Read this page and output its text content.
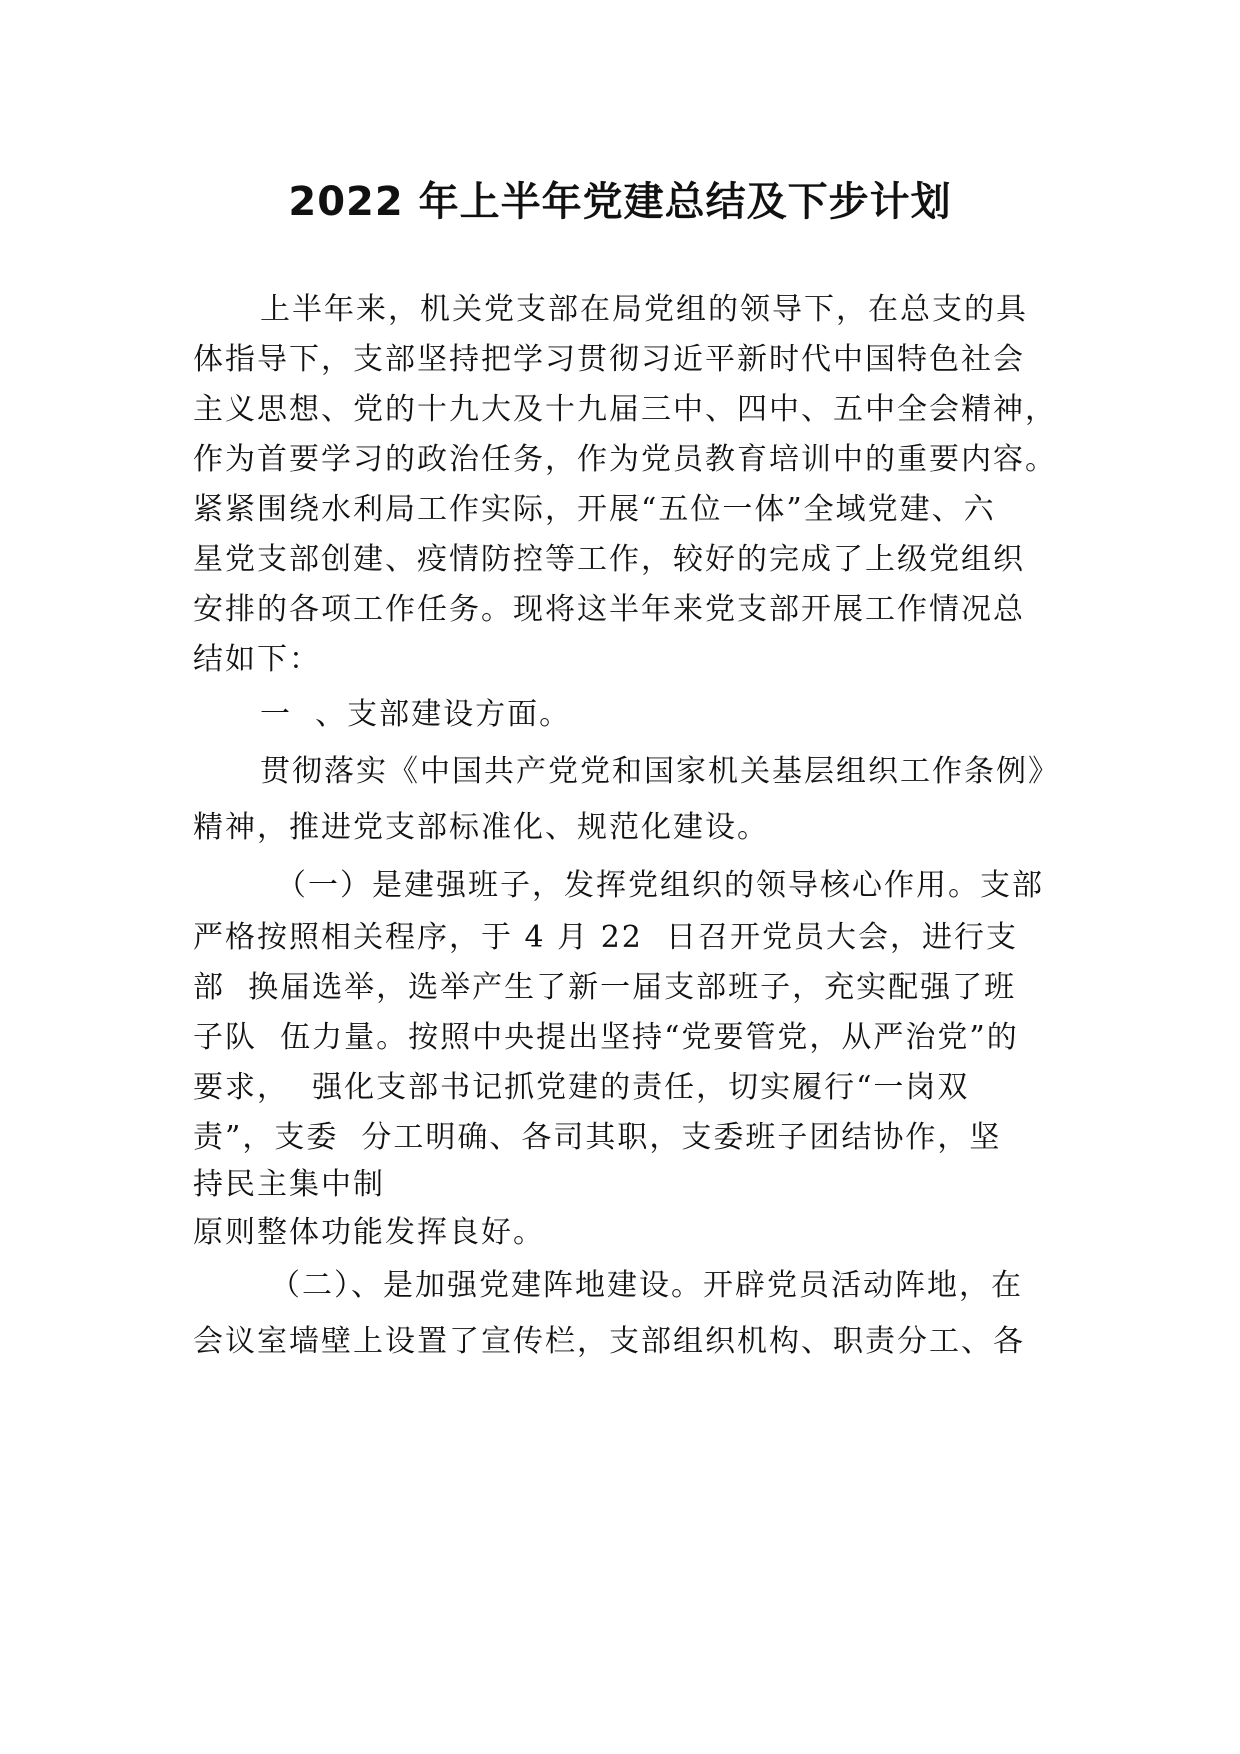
2022 年上半年党建总结及下步计划
上半年来，机关党支部在局党组的领导下，在总支的具
体指导下，支部坚持把学习贯彻习近平新时代中国特色社会
主义思想、党的十九大及十九届三中、四中、五中全会精神，
作为首要学习的政治任务，作为党员教育培训中的重要内容。
紧紧围绕水利局工作实际，开展“五位一体”全域党建、六
星党支部创建、疫情防控等工作，较好的完成了上级党组织
安排的各项工作任务。现将这半年来党支部开展工作情况总
结如下：
一  、支部建设方面。
贯彻落实《中国共产党党和国家机关基层组织工作条例》
精神，推进党支部标准化、规范化建设。
（一）是建强班子，发挥党组织的领导核心作用。支部
严格按照相关程序，于 4 月 22  日召开党员大会，进行支
部  换届选举，选举产生了新一届支部班子，充实配强了班
子队  伍力量。按照中央提出坚持“党要管党，从严治党”的
要求，  强化支部书记抓党建的责任，切实履行“一岗双
责”，支委  分工明确、各司其职，支委班子团结协作，坚
持民主集中制
原则整体功能发挥良好。
（二）、是加强党建阵地建设。开辟党员活动阵地，在
会议室墙壁上设置了宣传栏，支部组织机构、职责分工、各
